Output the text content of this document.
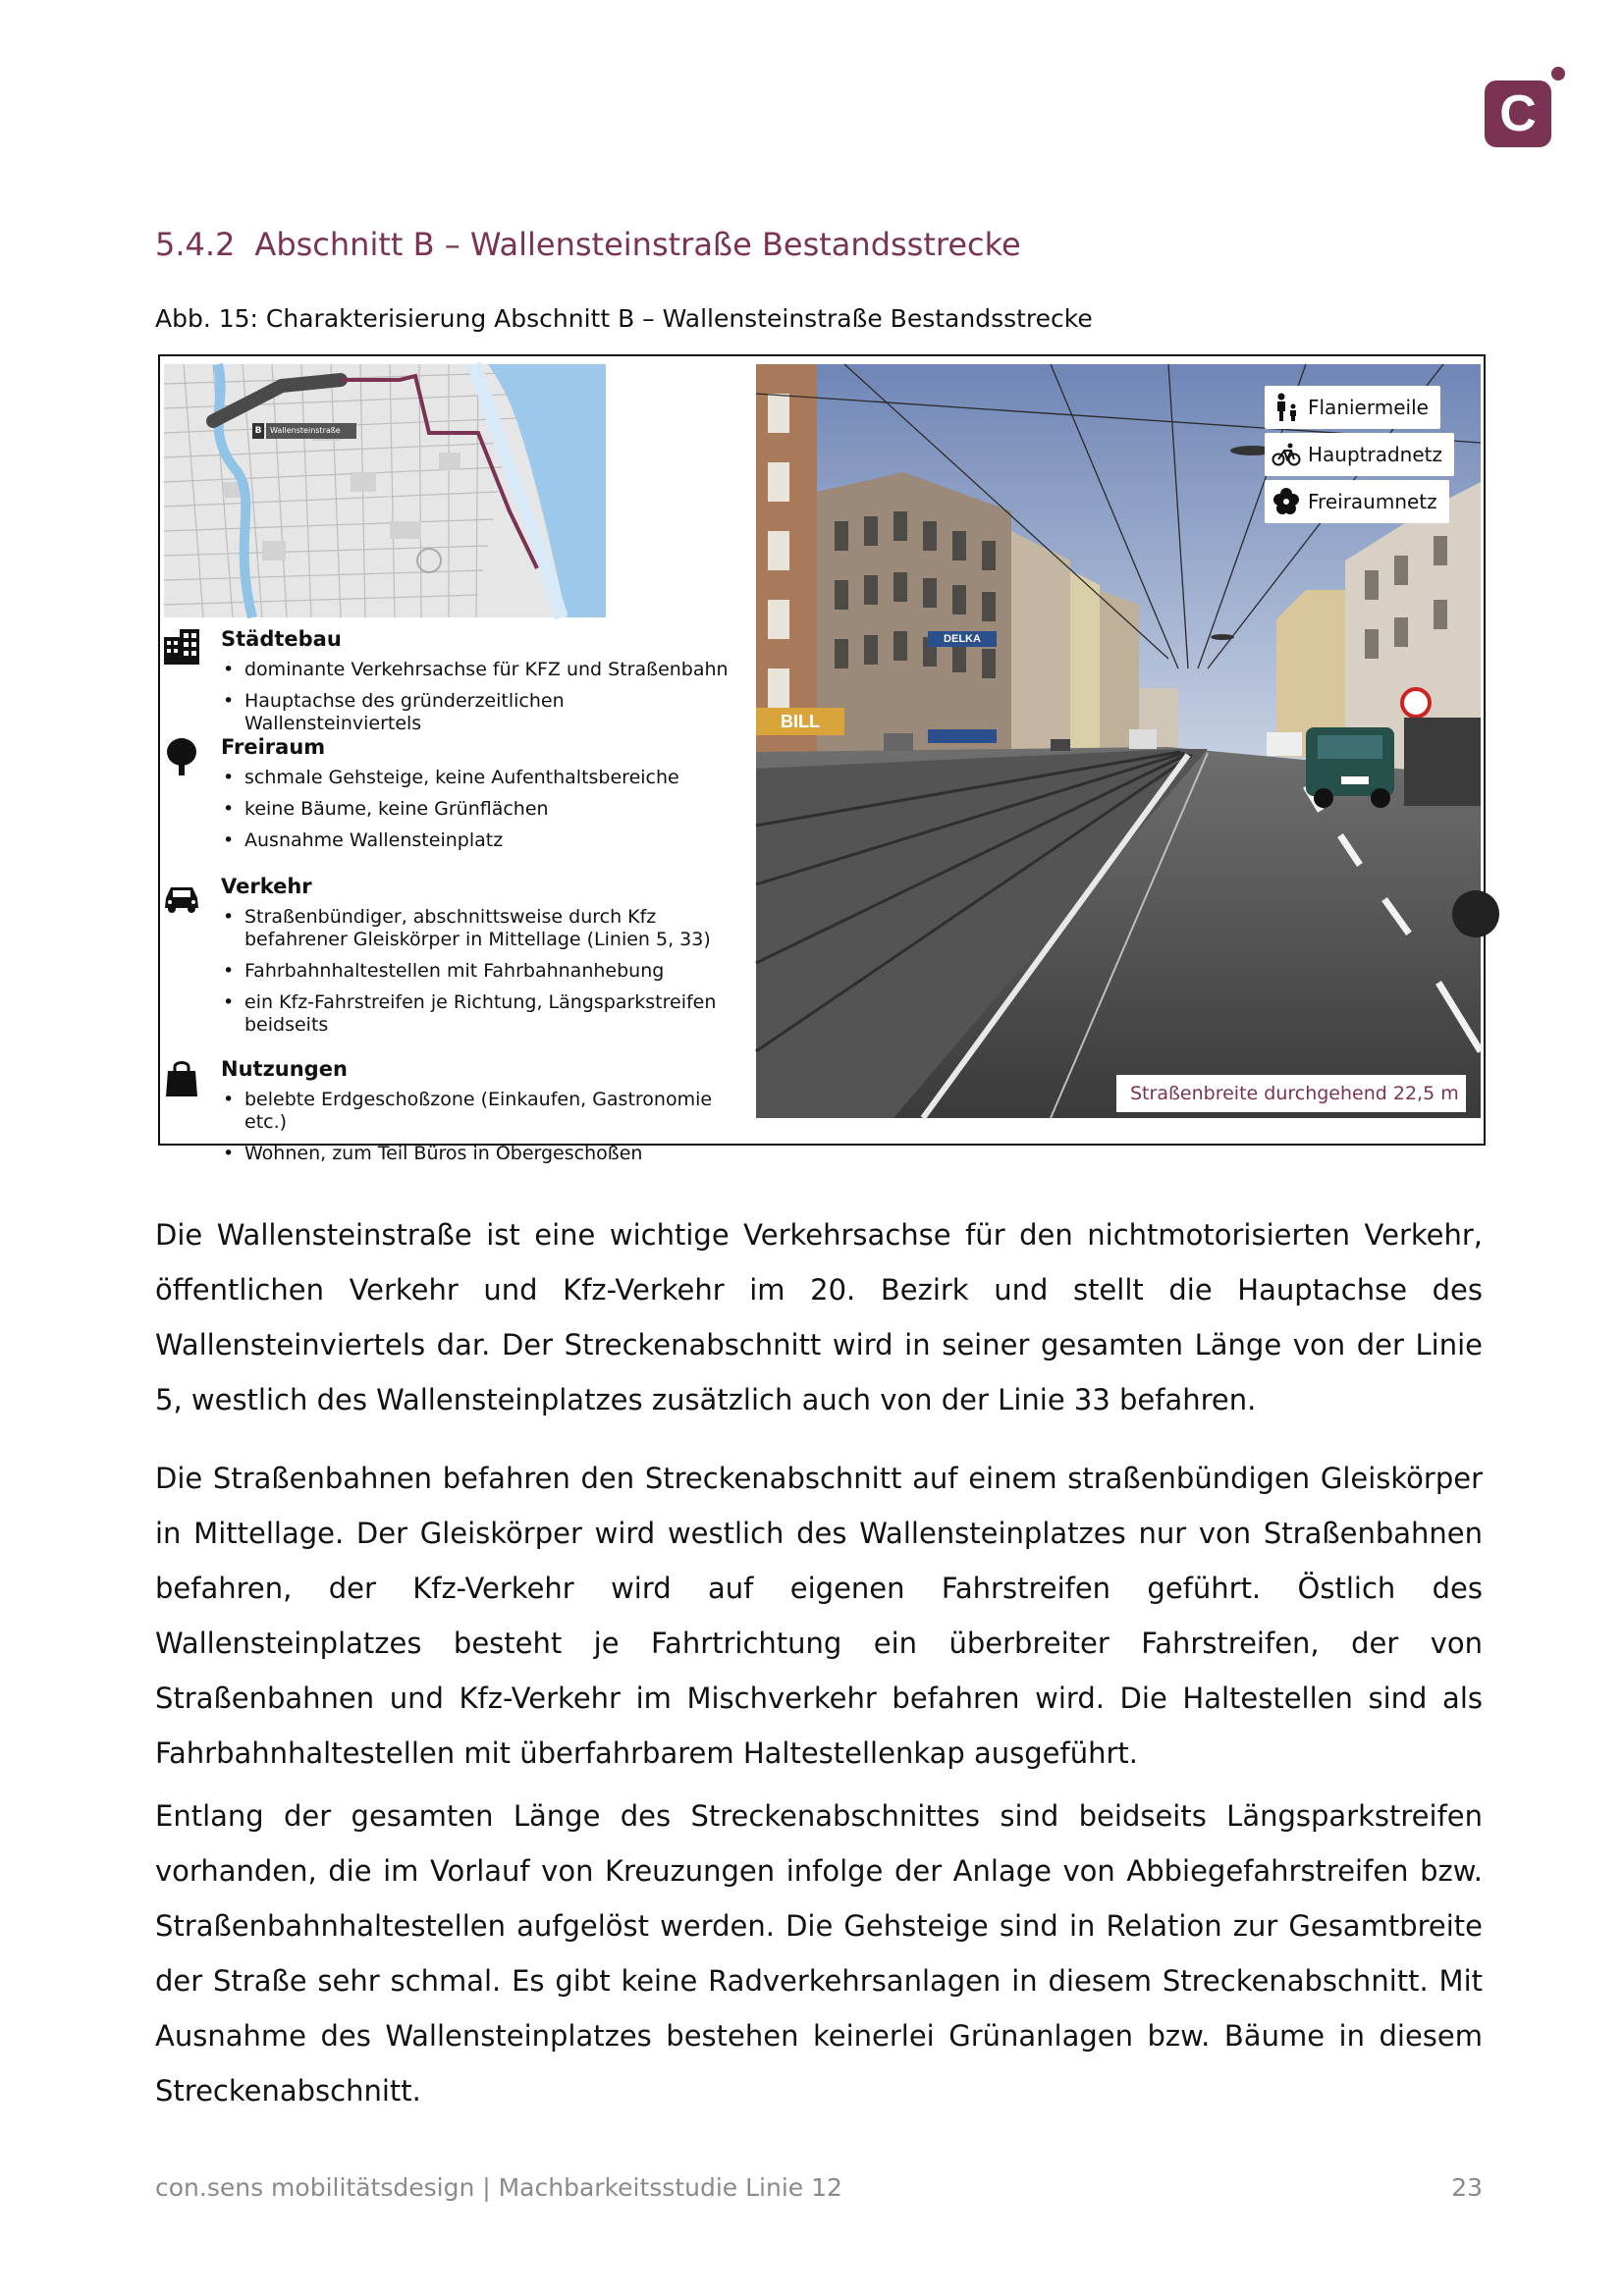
C
5.4.2 Abschnitt B – Wallensteinstraße Bestandsstrecke
Abb. 15: Charakterisierung Abschnitt B – Wallensteinstraße Bestandsstrecke
B	Wallensteinstraße
Städtebau
• dominante Verkehrsachse für KFZ und Straßenbahn
• Hauptachse des gründerzeitlichen Wallensteinviertels
Freiraum
• schmale Gehsteige, keine Aufenthaltsbereiche
• keine Bäume, keine Grünflächen
• Ausnahme Wallensteinplatz
Verkehr
• Straßenbündiger, abschnittsweise durch Kfz befahrener Gleiskörper in Mittellage (Linien 5, 33)
• Fahrbahnhaltestellen mit Fahrbahnanhebung
• ein Kfz-Fahrstreifen je Richtung, Längsparkstreifen beidseits
Nutzungen
• belebte Erdgeschoßzone (Einkaufen, Gastronomie etc.)
• Wohnen, zum Teil Büros in Obergeschoßen
BILL
DELKA
Flaniermeile
Hauptradnetz
Freiraumnetz
Straßenbreite durchgehend 22,5 m

Die Wallensteinstraße ist eine wichtige Verkehrsachse für den nichtmotorisierten Verkehr, öffentlichen Verkehr und Kfz-Verkehr im 20. Bezirk und stellt die Hauptachse des Wallensteinviertels dar. Der Streckenabschnitt wird in seiner gesamten Länge von der Linie 5, westlich des Wallensteinplatzes zusätzlich auch von der Linie 33 befahren.

Die Straßenbahnen befahren den Streckenabschnitt auf einem straßenbündigen Gleiskörper in Mittellage. Der Gleiskörper wird westlich des Wallensteinplatzes nur von Straßenbahnen befahren, der Kfz-Verkehr wird auf eigenen Fahrstreifen geführt. Östlich des Wallensteinplatzes besteht je Fahrtrichtung ein überbreiter Fahrstreifen, der von Straßenbahnen und Kfz-Verkehr im Mischverkehr befahren wird. Die Haltestellen sind als Fahrbahnhaltestellen mit überfahrbarem Haltestellenkap ausgeführt.

Entlang der gesamten Länge des Streckenabschnittes sind beidseits Längsparkstreifen vorhanden, die im Vorlauf von Kreuzungen infolge der Anlage von Abbiegefahrstreifen bzw. Straßenbahnhaltestellen aufgelöst werden. Die Gehsteige sind in Relation zur Gesamtbreite der Straße sehr schmal. Es gibt keine Radverkehrsanlagen in diesem Streckenabschnitt. Mit Ausnahme des Wallensteinplatzes bestehen keinerlei Grünanlagen bzw. Bäume in diesem Streckenabschnitt.

con.sens mobilitätsdesign | Machbarkeitsstudie Linie 12	23
